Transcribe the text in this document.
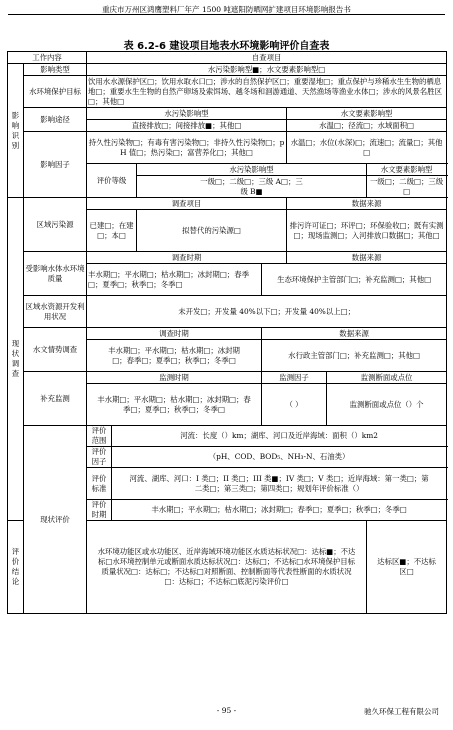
重庆市万州区鸿鹰塑料厂年产 1500 吨遮阳防晒网扩建项目环境影响报告书
表 6.2-6 建设项目地表水环境影响评价自查表
工作内容		自查项目						
影响识别	影响类型	水污染影响型■；水文要素影响型□						
	水环境保护目标	饮用水水源保护区□；饮用水取水口□；涉水的自然保护区□；重要湿地□；重点保护与珍稀水生生物的栖息地□；重要水生生物的自然产卵场及索饵场、越冬场和洄游通道、天然渔场等渔业水体□；涉水的风景名胜区□；其他□						
	影响途径	水污染影响型				水文要素影响型		
		直接排放□；间接排放■；其他□				水温□；径流□；水域面积□		
	影响因子	持久性污染物□；有毒有害污染物□；非持久性污染物□；pH 值□；热污染□；富营养化□；其他□				水温□；水位(水深)□；流速□；流量□；其他□		
		评价等级		水污染影响型				水文要素影响型
				一级□；二级□；三级 A□；三级 B■				一级□；二级□；三级□
现状调查	区域污染源	调查项目				数据来源		
		已建□；在建□；本□		拟替代的污染源□		排污许可证□；环评□；环保验收□；既有实测□；现场监测□；入河排放口数据□；其他□		
	受影响水体水环境质量	调查时期				数据来源		
		丰水期□；平水期□；枯水期□；冰封期□；春季□；夏季□；秋季□；冬季□			生态环境保护主管部门□；补充监测□；其他□			
	区域水资源开发利用状况	未开发□；开发量 40%以下□；开发量 40%以上□；						
	水文情势调查	调查时期			数据来源			
		丰水期□；平水期□；枯水期□；冰封期□；春季□；夏季□；秋季□；冬季□			水行政主管部门□；补充监测□；其他□			
	补充监测	监测时期			监测因子		监测断面或点位	
		丰水期□；平水期□；枯水期□；冰封期□；春季□；夏季□；秋季□；冬季□			（ ）		监测断面或点位（）个	
	现状评价	评价范围	河流：长度（）km；湖库、河口及近岸海域：面积（）km2					
		评价因子	（pH、COD、BOD₅、NH₃-N、石油类）					
		评价标准	河流、湖库、河口：I 类□；II 类□；III 类■；IV 类□；V 类□；近岸海域：第一类□；第二类□；第三类□；第四类□；规划年评价标准（）					
		评价时期	丰水期□；平水期□；枯水期□；冰封期□；春季□；夏季□；秋季□；冬季□					
评价结论		水环境功能区或水功能区、近岸海域环境功能区水质达标状况□：达标■；不达标□水环境控制单元或断面水质达标状况□：达标□；不达标□水环境保护目标质量状况□：达标□；不达标□对照断面、控制断面等代表性断面的水质状况□：达标□；不达标□底泥污染评价□						达标区■；不达标区□
- 95 -	驰久环保工程有限公司
